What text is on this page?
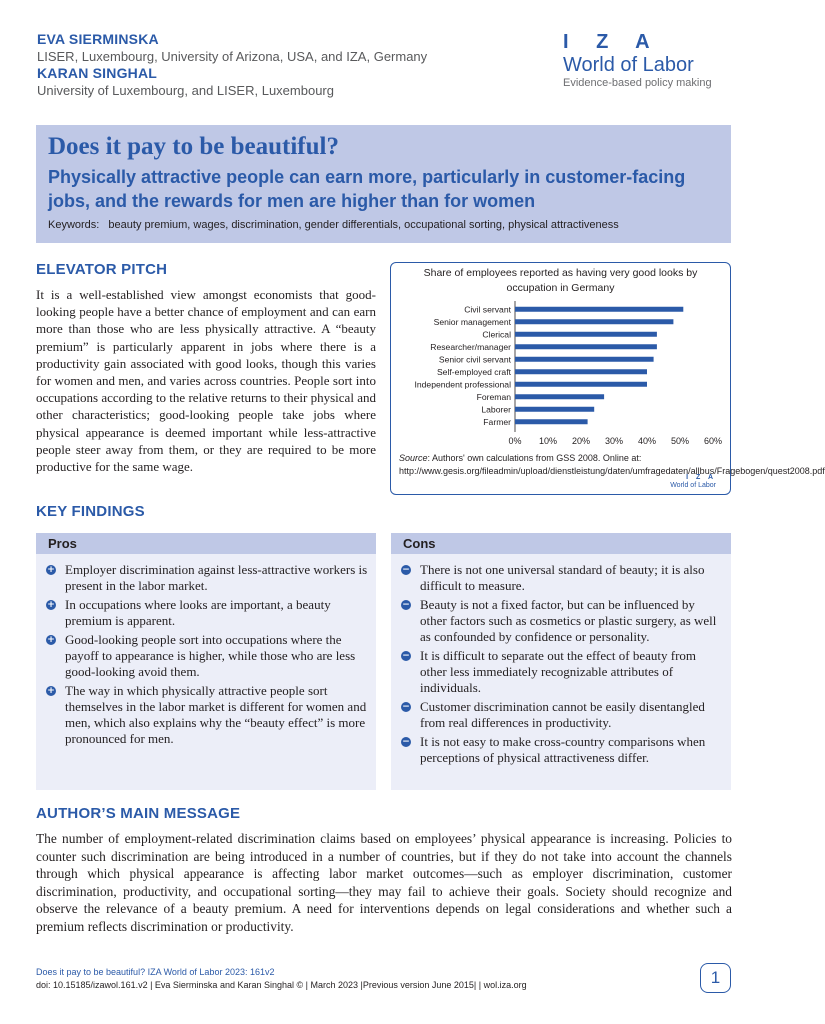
EVA SIERMINSKA
LISER, Luxembourg, University of Arizona, USA, and IZA, Germany
KARAN SINGHAL
University of Luxembourg, and LISER, Luxembourg
I Z A
World of Labor
Evidence-based policy making
Does it pay to be beautiful?
Physically attractive people can earn more, particularly in customer-facing jobs, and the rewards for men are higher than for women
Keywords: beauty premium, wages, discrimination, gender differentials, occupational sorting, physical attractiveness
ELEVATOR PITCH
It is a well-established view amongst economists that good-looking people have a better chance of employment and can earn more than those who are less physically attractive. A “beauty premium” is particularly apparent in jobs where there is a productivity gain associated with good looks, though this varies for women and men, and varies across countries. People sort into occupations according to the relative returns to their physical and other characteristics; good-looking people take jobs where physical appearance is deemed important while less-attractive people steer away from them, or they are required to be more productive for the same wage.
Share of employees reported as having very good looks by occupation in Germany
Civil servant
Senior management
Clerical
Researcher/manager
Senior civil servant
Self-employed craft
Independent professional
Foreman
Laborer
Farmer
0% 10% 20% 30% 40% 50% 60%
Source: Authors' own calculations from GSS 2008. Online at: http://www.gesis.org/fileadmin/upload/dienstleistung/daten/umfragedaten/allbus/Fragebogen/quest2008.pdf
I Z A
World of Labor
KEY FINDINGS
Pros
+ Employer discrimination against less-attractive workers is present in the labor market.
+ In occupations where looks are important, a beauty premium is apparent.
+ Good-looking people sort into occupations where the payoff to appearance is higher, while those who are less good-looking avoid them.
+ The way in which physically attractive people sort themselves in the labor market is different for women and men, which also explains why the “beauty effect” is more pronounced for men.
Cons
− There is not one universal standard of beauty; it is also difficult to measure.
− Beauty is not a fixed factor, but can be influenced by other factors such as cosmetics or plastic surgery, as well as confounded by confidence or personality.
− It is difficult to separate out the effect of beauty from other less immediately recognizable attributes of individuals.
− Customer discrimination cannot be easily disentangled from real differences in productivity.
− It is not easy to make cross-country comparisons when perceptions of physical attractiveness differ.
AUTHOR’S MAIN MESSAGE
The number of employment-related discrimination claims based on employees’ physical appearance is increasing. Policies to counter such discrimination are being introduced in a number of countries, but if they do not take into account the channels through which physical appearance is affecting labor market outcomes—such as employer discrimination, customer discrimination, productivity, and occupational sorting—they may fail to achieve their goals. Society should recognize and observe the relevance of a beauty premium. A need for interventions depends on legal considerations and whether such a premium reflects discrimination or productivity.
Does it pay to be beautiful? IZA World of Labor 2023: 161v2
doi: 10.15185/izawol.161.v2 | Eva Sierminska and Karan Singhal © | March 2023 |Previous version June 2015| | wol.iza.org	1
